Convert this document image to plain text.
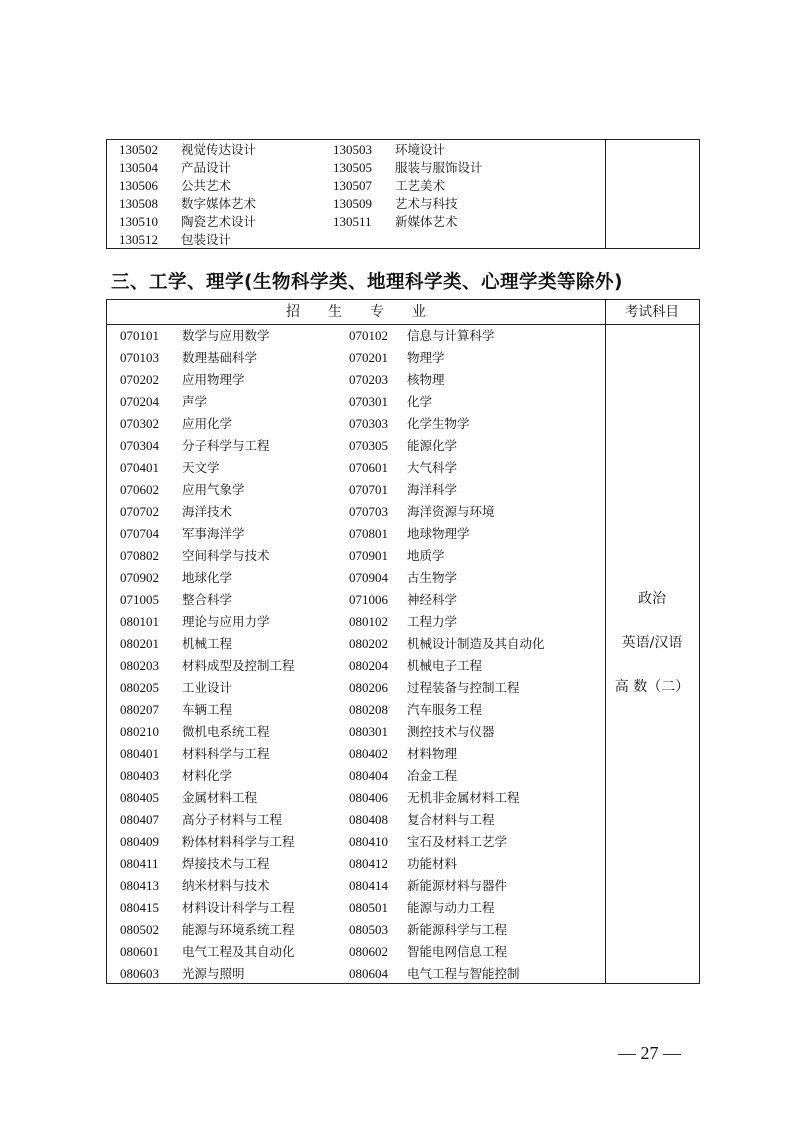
130502	视觉传达设计	130503	环境设计
130504	产品设计	130505	服装与服饰设计
130506	公共艺术	130507	工艺美术
130508	数字媒体艺术	130509	艺术与科技
130510	陶瓷艺术设计	130511	新媒体艺术
130512	包装设计
三、工学、理学(生物科学类、地理科学类、心理学类等除外)
招生专业	考试科目
070101	数学与应用数学	070102	信息与计算科学
070103	数理基础科学	070201	物理学
070202	应用物理学	070203	核物理
070204	声学	070301	化学
070302	应用化学	070303	化学生物学
070304	分子科学与工程	070305	能源化学
070401	天文学	070601	大气科学
070602	应用气象学	070701	海洋科学
070702	海洋技术	070703	海洋资源与环境
070704	军事海洋学	070801	地球物理学
070802	空间科学与技术	070901	地质学
070902	地球化学	070904	古生物学
071005	整合科学	071006	神经科学
080101	理论与应用力学	080102	工程力学
080201	机械工程	080202	机械设计制造及其自动化
080203	材料成型及控制工程	080204	机械电子工程
080205	工业设计	080206	过程装备与控制工程
080207	车辆工程	080208	汽车服务工程
080210	微机电系统工程	080301	测控技术与仪器
080401	材料科学与工程	080402	材料物理
080403	材料化学	080404	冶金工程
080405	金属材料工程	080406	无机非金属材料工程
080407	高分子材料与工程	080408	复合材料与工程
080409	粉体材料科学与工程	080410	宝石及材料工艺学
080411	焊接技术与工程	080412	功能材料
080413	纳米材料与技术	080414	新能源材料与器件
080415	材料设计科学与工程	080501	能源与动力工程
080502	能源与环境系统工程	080503	新能源科学与工程
080601	电气工程及其自动化	080602	智能电网信息工程
080603	光源与照明	080604	电气工程与智能控制
政治
英语/汉语
高 数（二）
— 27 —
